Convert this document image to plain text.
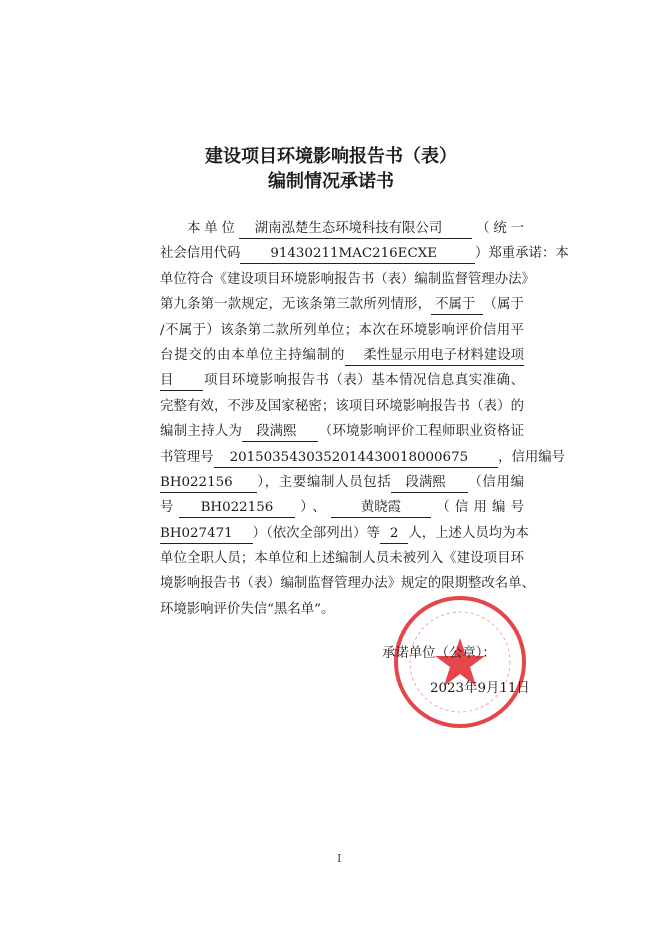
建设项目环境影响报告书（表）
编制情况承诺书
本单位 湖南泓楚生态环境科技有限公司 （统一
社会信用代码 91430211MAC216ECXE	）郑重承诺：本
单位符合《建设项目环境影响报告书（表）编制监督管理办法》
第九条第一款规定，无该条第三款所列情形， 不属于 （属于
/不属于）该条第二款所列单位；本次在环境影响评价信用平
台提交的由本单位主持编制的 柔性显示用电子材料建设项
目 项目环境影响报告书（表）基本情况信息真实准确、
完整有效，不涉及国家秘密；该项目环境影响报告书（表）的
编制主持人为 段满熙 （环境影响评价工程师职业资格证
书管理号 2015035430352014430018000675 ，信用编号
BH022156 ），主要编制人员包括 段满熙 （信用编
号 BH022156 ）、 黄晓霞 （信用编号
BH027471 ）（依次全部列出）等 2 人，上述人员均为本
单位全职人员；本单位和上述编制人员未被列入《建设项目环
境影响报告书（表）编制监督管理办法》规定的限期整改名单、
环境影响评价失信“黑名单”。
承诺单位（公章）：
2023年9月11日
I
